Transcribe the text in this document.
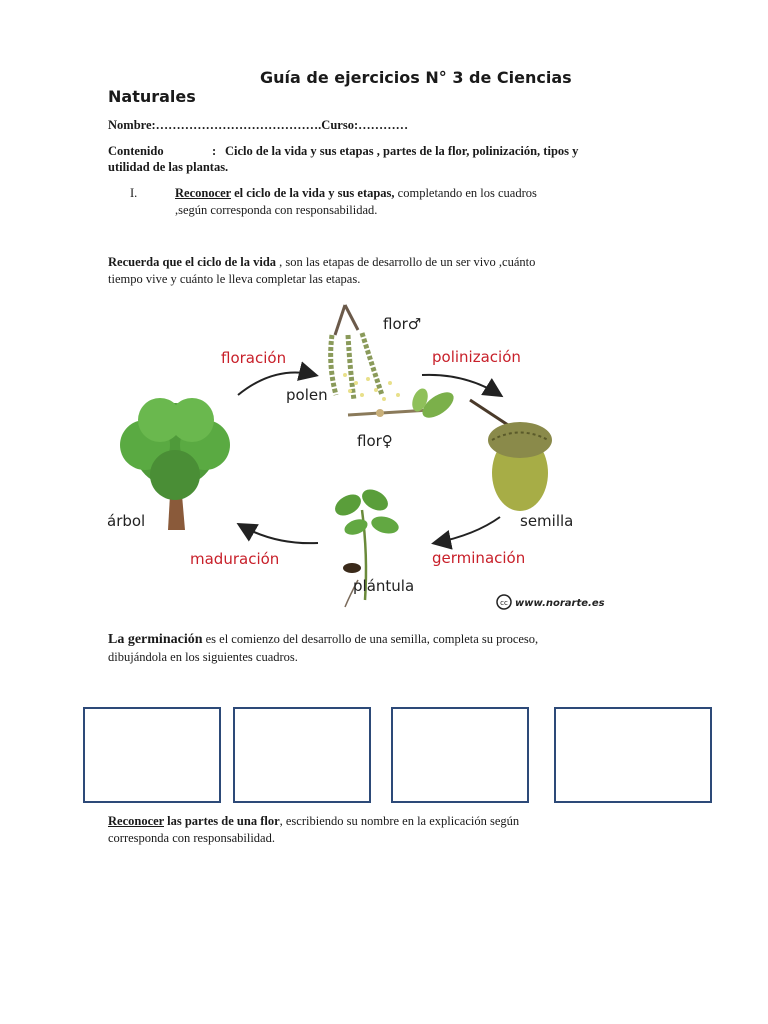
Guía de ejercicios N° 3 de Ciencias
Naturales
Nombre:………………………………….Curso:…………
Contenido	: Ciclo de la vida y sus etapas , partes de la flor, polinización, tipos y
utilidad de las plantas.
I.	Reconocer el ciclo de la vida y sus etapas, completando en los cuadros
,según corresponda con responsabilidad.
Recuerda que el ciclo de la vida , son las etapas de desarrollo de un ser vivo ,cuánto
tiempo vive y cuánto le lleva completar las etapas.
cc www.norarte.es
flor♂
floración	polinización
polen
flor♀
árbol	semilla
maduración	germinación
plántula
La germinación es el comienzo del desarrollo de una semilla, completa su proceso,
dibujándola en los siguientes cuadros.
Reconocer las partes de una flor, escribiendo su nombre en la explicación según
corresponda con responsabilidad.
